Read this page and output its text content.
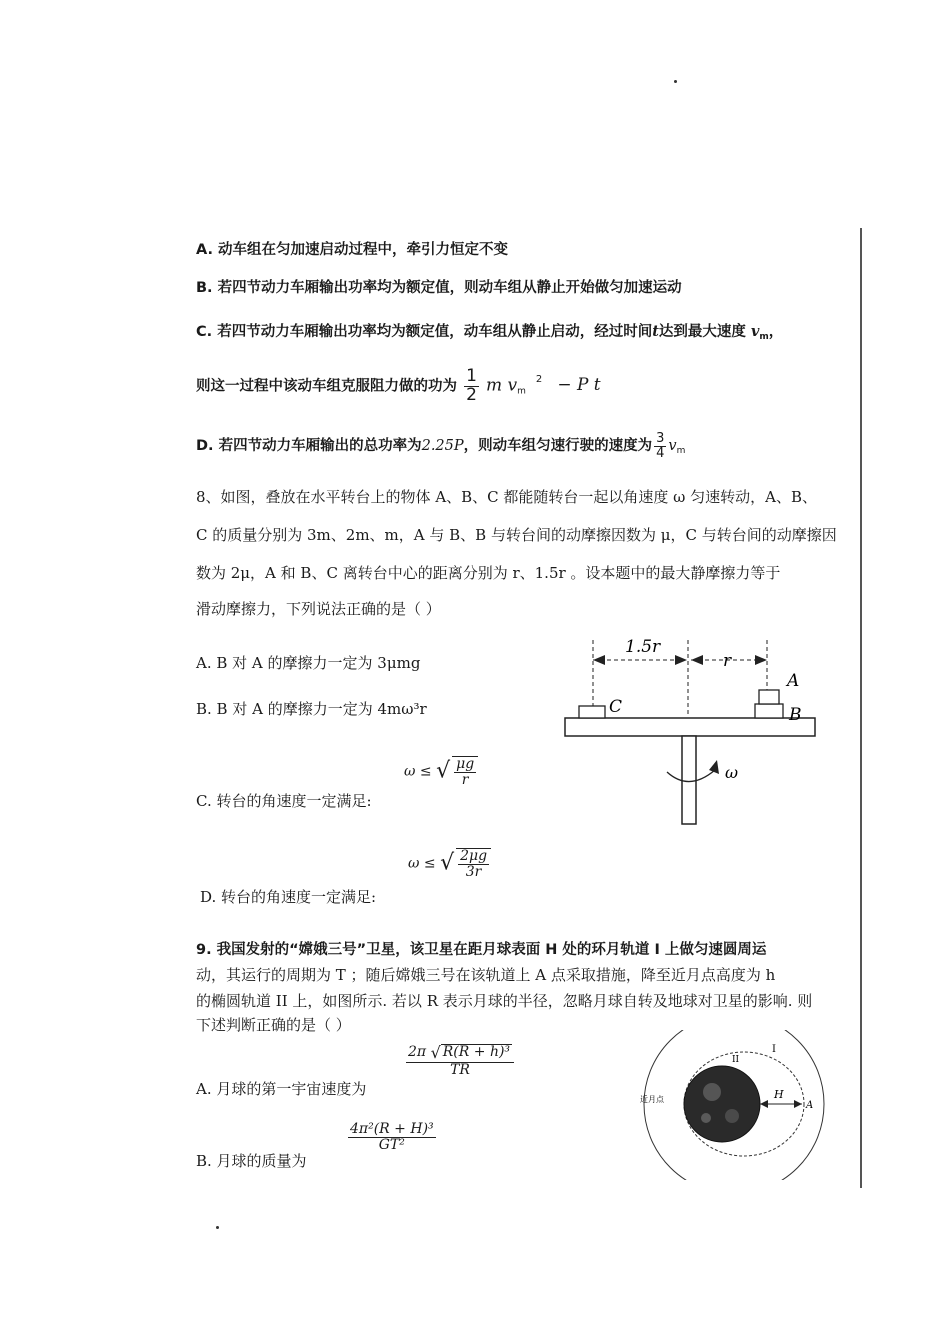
A. 动车组在匀加速启动过程中，牵引力恒定不变
B. 若四节动力车厢输出功率均为额定值，则动车组从静止开始做匀加速运动
C. 若四节动力车厢输出功率均为额定值，动车组从静止启动，经过时间t达到最大速度 $v_m$，
则这一过程中该动车组克服阻力做的功为 $\frac{1}{2}$ m $v_m^2 - P$ t
D. 若四节动力车厢输出的总功率为2.25P，则动车组匀速行驶的速度为 $\frac{3}{4} v_m$
8、如图，叠放在水平转台上的物体 A、B、C 都能随转台一起以角速度 ω 匀速转动，A、B、
C 的质量分别为 3m、2m、m，A 与 B、B 与转台间的动摩擦因数为 μ，C 与转台间的动摩擦因
数为 2μ，A 和 B、C 离转台中心的距离分别为 r、1.5r 。设本题中的最大静摩擦力等于
滑动摩擦力，下列说法正确的是（ ）
A. B 对 A 的摩擦力一定为 3μmg
B. B 对 A 的摩擦力一定为 4mω³r
C. 转台的角速度一定满足:
ω ≤ √ $\frac{\mu g}{r}$
D. 转台的角速度一定满足:
ω ≤ √ $\frac{2\mu g}{3r}$
1.5r
r
C
A
B
ω
9. 我国发射的“嫦娥三号”卫星，该卫星在距月球表面 H 处的环月轨道 I 上做匀速圆周运
动，其运行的周期为 T ；随后嫦娥三号在该轨道上 A 点采取措施，降至近月点高度为 h
的椭圆轨道 II 上，如图所示. 若以 R 表示月球的半径，忽略月球自转及地球对卫星的影响. 则
下述判断正确的是（ ）
A. 月球的第一宇宙速度为
$\frac{\text{2π √ R(R + h)³}}{TR}$
B. 月球的质量为
$\frac{\text{4π²(R + H)³}}{\text{GT²}}$
H
A
I
II
近月点
